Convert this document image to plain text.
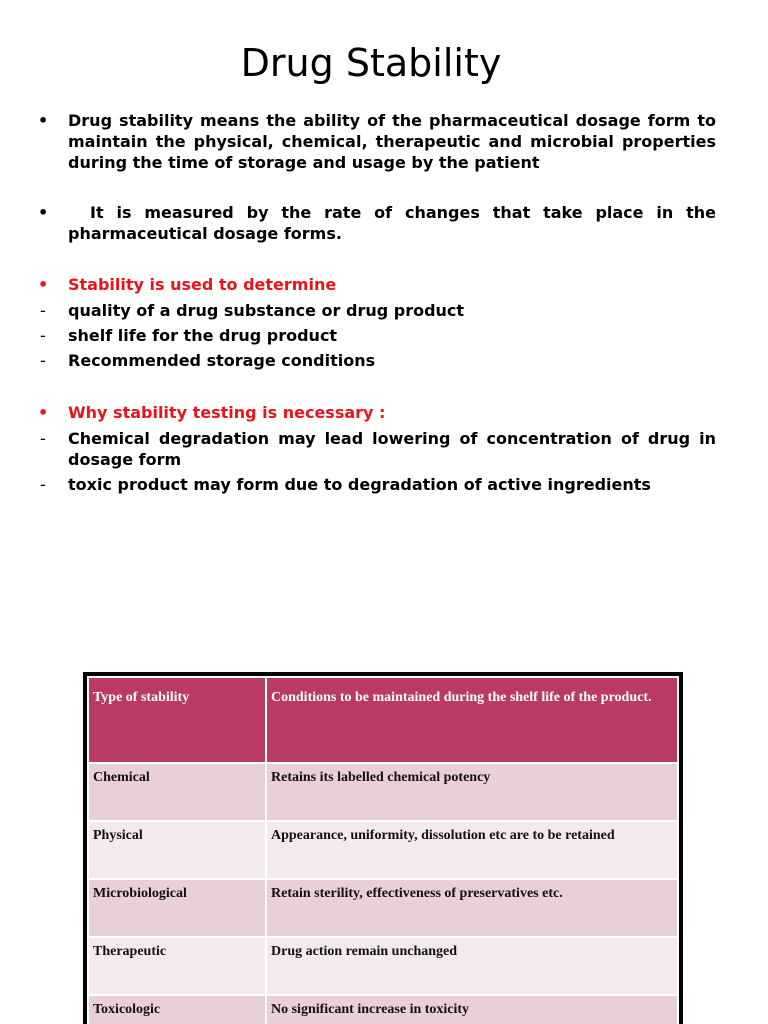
Drug Stability
• Drug stability means the ability of the pharmaceutical dosage form to maintain the physical, chemical, therapeutic and microbial properties during the time of storage and usage by the patient
•	It is measured by the rate of changes that take place in the pharmaceutical dosage forms.
• Stability is used to determine
- quality of a drug substance or drug product
- shelf life for the drug product
- Recommended storage conditions
• Why stability testing is necessary :
- Chemical degradation may lead lowering of concentration of drug in dosage form
- toxic product may form due to degradation of active ingredients
Type of stability	Conditions to be maintained during the shelf life of the product.
Chemical	Retains its labelled chemical potency
Physical	Appearance, uniformity, dissolution etc are to be retained
Microbiological	Retain sterility, effectiveness of preservatives etc.
Therapeutic	Drug action remain unchanged
Toxicologic	No significant increase in toxicity
